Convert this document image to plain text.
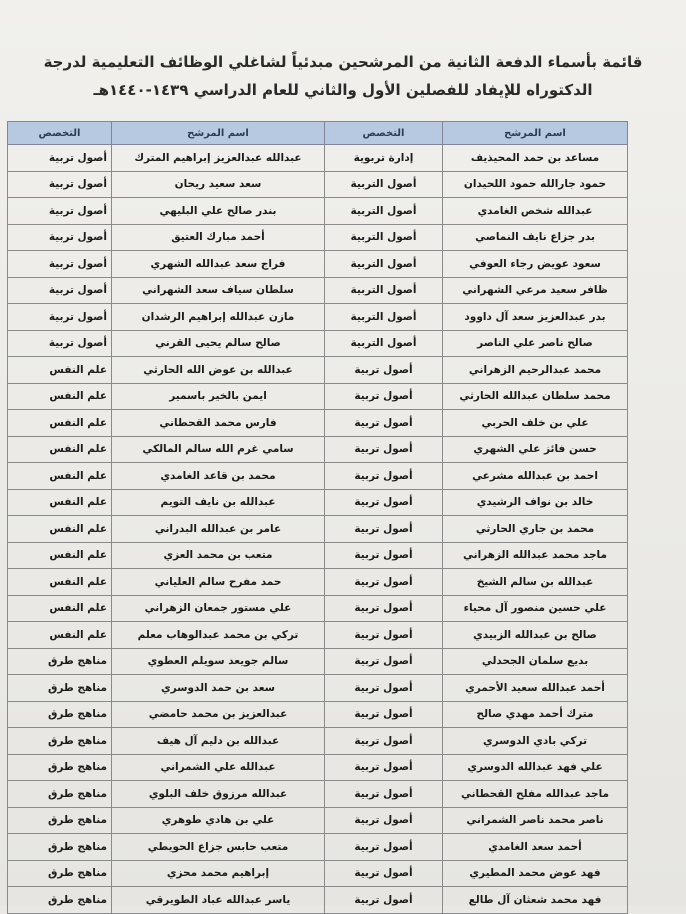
قائمة بأسماء الدفعة الثانية من المرشحين مبدئياً لشاغلي الوظائف التعليمية لدرجة
الدكتوراه للإيفاد للفصلين الأول والثاني للعام الدراسي ١٤٣٩-١٤٤٠هـ
اسم المرشح	التخصص	اسم المرشح	التخصص
مساعد بن حمد المحيذيف	إدارة تربوية	عبدالله عبدالعزيز إبراهيم المترك	أصول تربية
حمود جارالله حمود اللحيدان	أصول التربية	سعد سعيد ريحان	أصول تربية
عبدالله شخص الغامدي	أصول التربية	بندر صالح علي البليهي	أصول تربية
بدر جزاع نايف النماصي	أصول التربية	أحمد مبارك العتيق	أصول تربية
سعود عويض رجاء العوفي	أصول التربية	فراج سعد عبدالله الشهري	أصول تربية
ظافر سعيد مرعي الشهراني	أصول التربية	سلطان سياف سعد الشهراني	أصول تربية
بدر عبدالعزيز سعد آل داوود	أصول التربية	مازن عبدالله إبراهيم الرشدان	أصول تربية
صالح ناصر علي الناصر	أصول التربية	صالح سالم يحيى القرني	أصول تربية
محمد عبدالرحيم الزهراني	أصول تربية	عبدالله بن عوض الله الحارثي	علم النفس
محمد سلطان عبدالله الحارثي	أصول تربية	ايمن بالخير باسمير	علم النفس
علي بن خلف الحربي	أصول تربية	فارس محمد القحطاني	علم النفس
حسن فائز علي الشهري	أصول تربية	سامي غرم الله سالم المالكي	علم النفس
احمد بن عبدالله مشرعي	أصول تربية	محمد بن قاعد الغامدي	علم النفس
خالد بن نواف الرشيدي	أصول تربية	عبدالله بن نايف التويم	علم النفس
محمد بن جاري الحارثي	أصول تربية	عامر بن عبدالله البدراني	علم النفس
ماجد محمد عبدالله الزهراني	أصول تربية	متعب بن محمد العزي	علم النفس
عبدالله بن سالم الشيخ	أصول تربية	حمد مفرح سالم العلياني	علم النفس
علي حسين منصور آل محياء	أصول تربية	علي مستور جمعان الزهراني	علم النفس
صالح بن عبدالله الزبيدي	أصول تربية	تركي بن محمد عبدالوهاب معلم	علم النفس
بديع سلمان الجحدلي	أصول تربية	سالم جويعد سويلم العطوي	مناهج طرق
أحمد عبدالله سعيد الأحمري	أصول تربية	سعد بن حمد الدوسري	مناهج طرق
مترك أحمد مهدي صالح	أصول تربية	عبدالعزيز بن محمد حامضي	مناهج طرق
تركي بادي الدوسري	أصول تربية	عبدالله بن دليم آل هيف	مناهج طرق
علي فهد عبدالله الدوسري	أصول تربية	عبدالله علي الشمراني	مناهج طرق
ماجد عبدالله مفلح القحطاني	أصول تربية	عبدالله مرزوق خلف البلوي	مناهج طرق
ناصر محمد ناصر الشمراني	أصول تربية	علي بن هادي طوهري	مناهج طرق
أحمد سعد الغامدي	أصول تربية	متعب حابس جزاع الحويطي	مناهج طرق
فهد عوض محمد المطيري	أصول تربية	إبراهيم محمد محزي	مناهج طرق
فهد محمد شعثان آل طالع	أصول تربية	ياسر عبدالله عباد الطويرقي	مناهج طرق
